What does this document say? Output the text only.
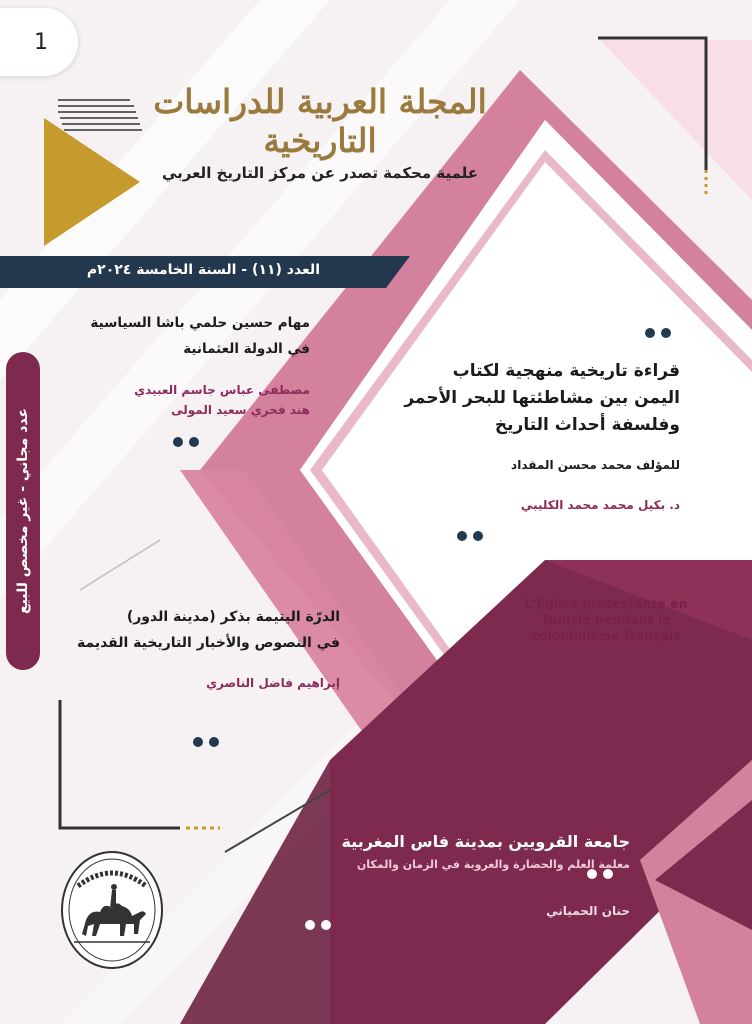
1
المجلة العربية للدراسات التاريخية
علمية محكمة تصدر عن مركز التاريخ العربي
العدد (١١) - السنة الخامسة ٢٠٢٤م
مهام حسين حلمي باشا السياسية
في الدولة العثمانية
مصطفى عباس جاسم العبيدي
هند فخري سعيد المولى
قراءة تاريخية منهجية لكتاب
اليمن بين مشاطئتها للبحر الأحمر
وفلسفة أحداث التاريخ
للمؤلف محمد محسن المقداد
د. بكيل محمد محمد الكليبي
L'Église protestante en
Tunisie pendant le
colonialisme français
الدرّة اليتيمة بذكر (مدينة الدور)
في النصوص والأخبار التاريخية القديمة
إبراهيم فاضل الناصري
جامعة القرويين بمدينة فاس المغربية
معلمة العلم والحضارة والعروبة في الزمان والمكان
حنان الحمياني
عدد مجاني - غير مخصص للبيع
